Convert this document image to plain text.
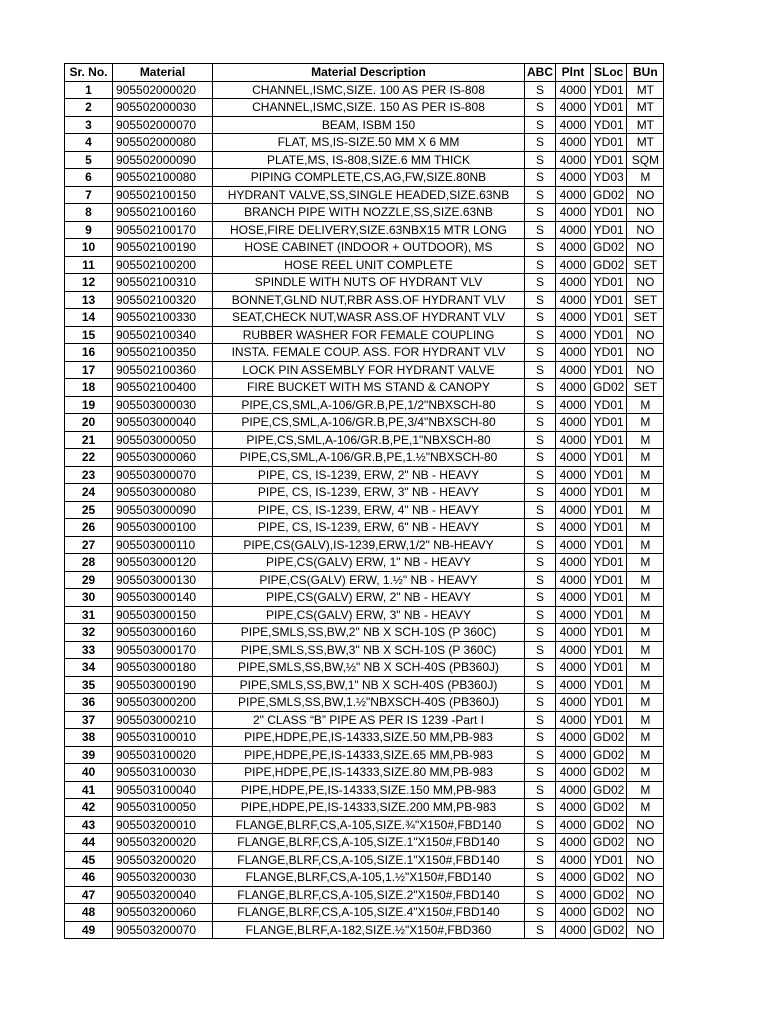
Sr. No.	Material	Material Description	ABC	Plnt	SLoc	BUn
1	905502000020	CHANNEL,ISMC,SIZE. 100 AS PER IS-808	S	4000	YD01	MT
2	905502000030	CHANNEL,ISMC,SIZE. 150 AS PER IS-808	S	4000	YD01	MT
3	905502000070	BEAM, ISBM 150	S	4000	YD01	MT
4	905502000080	FLAT, MS,IS-SIZE.50 MM X 6 MM	S	4000	YD01	MT
5	905502000090	PLATE,MS, IS-808,SIZE.6 MM THICK	S	4000	YD01	SQM
6	905502100080	PIPING COMPLETE,CS,AG,FW,SIZE.80NB	S	4000	YD03	M
7	905502100150	HYDRANT VALVE,SS,SINGLE HEADED,SIZE.63NB	S	4000	GD02	NO
8	905502100160	BRANCH PIPE WITH NOZZLE,SS,SIZE.63NB	S	4000	YD01	NO
9	905502100170	HOSE,FIRE DELIVERY,SIZE.63NBX15 MTR LONG	S	4000	YD01	NO
10	905502100190	HOSE CABINET (INDOOR + OUTDOOR), MS	S	4000	GD02	NO
11	905502100200	HOSE REEL UNIT COMPLETE	S	4000	GD02	SET
12	905502100310	SPINDLE WITH NUTS OF HYDRANT VLV	S	4000	YD01	NO
13	905502100320	BONNET,GLND NUT,RBR ASS.OF HYDRANT VLV	S	4000	YD01	SET
14	905502100330	SEAT,CHECK NUT,WASR ASS.OF HYDRANT VLV	S	4000	YD01	SET
15	905502100340	RUBBER WASHER FOR FEMALE COUPLING	S	4000	YD01	NO
16	905502100350	INSTA. FEMALE COUP. ASS. FOR HYDRANT VLV	S	4000	YD01	NO
17	905502100360	LOCK PIN ASSEMBLY FOR HYDRANT VALVE	S	4000	YD01	NO
18	905502100400	FIRE BUCKET WITH MS STAND & CANOPY	S	4000	GD02	SET
19	905503000030	PIPE,CS,SML,A-106/GR.B,PE,1/2"NBXSCH-80	S	4000	YD01	M
20	905503000040	PIPE,CS,SML,A-106/GR.B,PE,3/4"NBXSCH-80	S	4000	YD01	M
21	905503000050	PIPE,CS,SML,A-106/GR.B,PE,1"NBXSCH-80	S	4000	YD01	M
22	905503000060	PIPE,CS,SML,A-106/GR.B,PE,1.½"NBXSCH-80	S	4000	YD01	M
23	905503000070	PIPE, CS, IS-1239, ERW, 2" NB - HEAVY	S	4000	YD01	M
24	905503000080	PIPE, CS, IS-1239, ERW, 3" NB - HEAVY	S	4000	YD01	M
25	905503000090	PIPE, CS, IS-1239, ERW, 4" NB - HEAVY	S	4000	YD01	M
26	905503000100	PIPE, CS, IS-1239, ERW, 6" NB - HEAVY	S	4000	YD01	M
27	905503000110	PIPE,CS(GALV),IS-1239,ERW,1/2" NB-HEAVY	S	4000	YD01	M
28	905503000120	PIPE,CS(GALV) ERW, 1" NB - HEAVY	S	4000	YD01	M
29	905503000130	PIPE,CS(GALV) ERW, 1.½" NB - HEAVY	S	4000	YD01	M
30	905503000140	PIPE,CS(GALV) ERW, 2" NB - HEAVY	S	4000	YD01	M
31	905503000150	PIPE,CS(GALV) ERW, 3" NB - HEAVY	S	4000	YD01	M
32	905503000160	PIPE,SMLS,SS,BW,2" NB X SCH-10S (P 360C)	S	4000	YD01	M
33	905503000170	PIPE,SMLS,SS,BW,3" NB X SCH-10S (P 360C)	S	4000	YD01	M
34	905503000180	PIPE,SMLS,SS,BW,½" NB X SCH-40S (PB360J)	S	4000	YD01	M
35	905503000190	PIPE,SMLS,SS,BW,1" NB X SCH-40S (PB360J)	S	4000	YD01	M
36	905503000200	PIPE,SMLS,SS,BW,1.½"NBXSCH-40S (PB360J)	S	4000	YD01	M
37	905503000210	2" CLASS “B” PIPE AS PER IS 1239 -Part I	S	4000	YD01	M
38	905503100010	PIPE,HDPE,PE,IS-14333,SIZE.50 MM,PB-983	S	4000	GD02	M
39	905503100020	PIPE,HDPE,PE,IS-14333,SIZE.65 MM,PB-983	S	4000	GD02	M
40	905503100030	PIPE,HDPE,PE,IS-14333,SIZE.80 MM,PB-983	S	4000	GD02	M
41	905503100040	PIPE,HDPE,PE,IS-14333,SIZE.150 MM,PB-983	S	4000	GD02	M
42	905503100050	PIPE,HDPE,PE,IS-14333,SIZE.200 MM,PB-983	S	4000	GD02	M
43	905503200010	FLANGE,BLRF,CS,A-105,SIZE.¾"X150#,FBD140	S	4000	GD02	NO
44	905503200020	FLANGE,BLRF,CS,A-105,SIZE.1"X150#,FBD140	S	4000	GD02	NO
45	905503200020	FLANGE,BLRF,CS,A-105,SIZE.1"X150#,FBD140	S	4000	YD01	NO
46	905503200030	FLANGE,BLRF,CS,A-105,1.½"X150#,FBD140	S	4000	GD02	NO
47	905503200040	FLANGE,BLRF,CS,A-105,SIZE.2"X150#,FBD140	S	4000	GD02	NO
48	905503200060	FLANGE,BLRF,CS,A-105,SIZE.4"X150#,FBD140	S	4000	GD02	NO
49	905503200070	FLANGE,BLRF,A-182,SIZE.½"X150#,FBD360	S	4000	GD02	NO
